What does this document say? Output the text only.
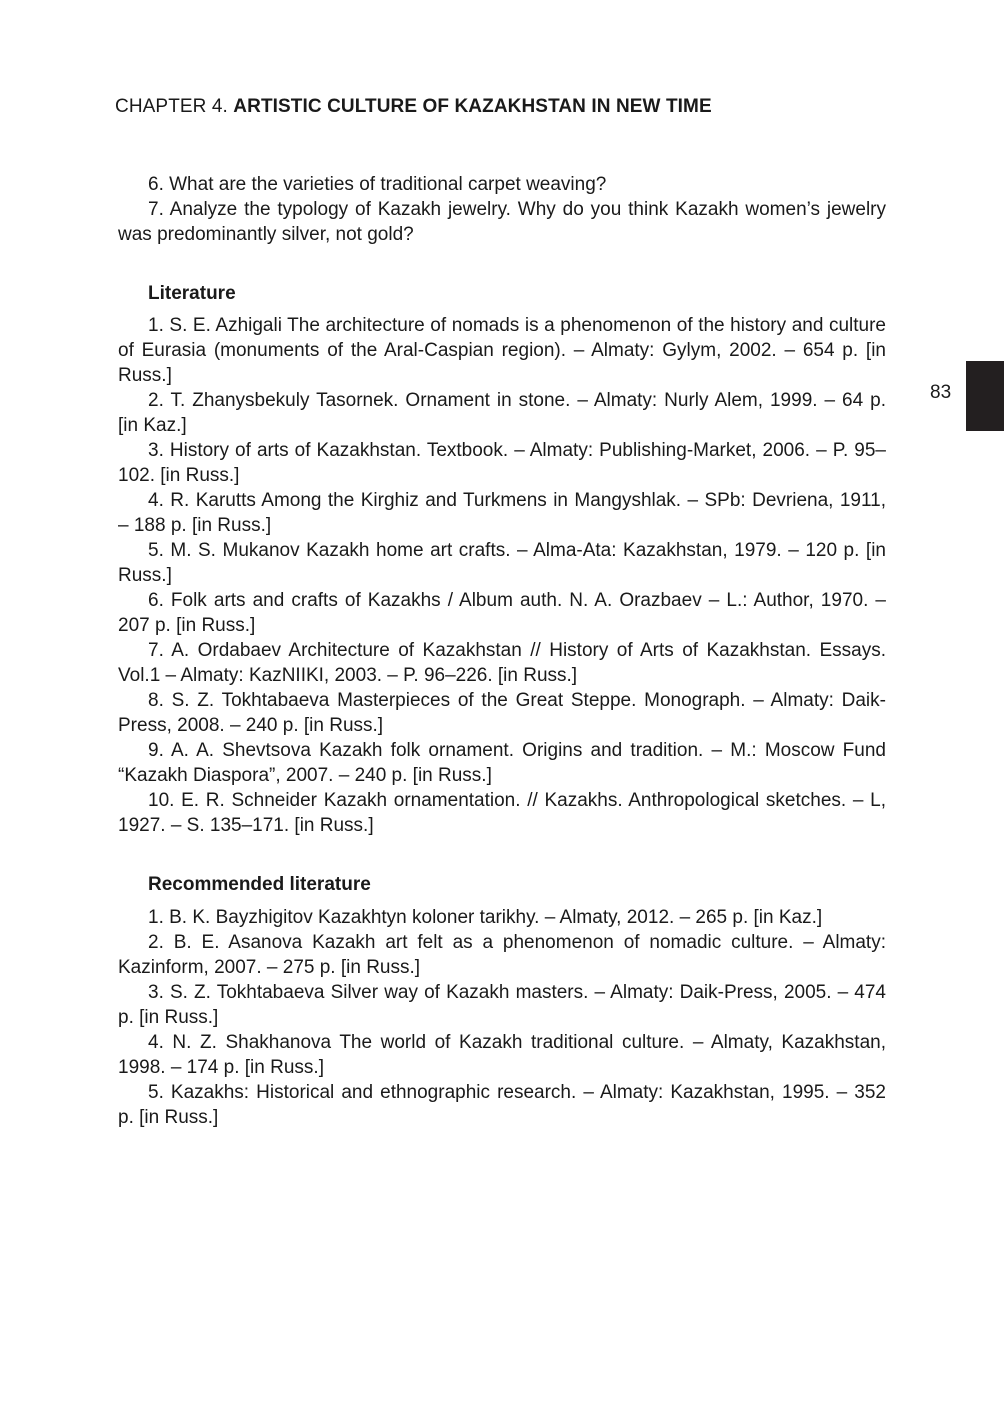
CHAPTER 4. ARTISTIC CULTURE OF KAZAKHSTAN IN NEW TIME
83

6. What are the varieties of traditional carpet weaving?

7. Analyze the typology of Kazakh jewelry. Why do you think Kazakh women’s jewelry was predominantly silver, not gold?

Literature

1. S. E. Azhigali The architecture of nomads is a phenomenon of the history and culture of Eurasia (monuments of the Aral-Caspian region). – Almaty: Gylym, 2002. – 654 p. [in Russ.]

2. T. Zhanysbekuly Tasornek. Ornament in stone. – Almaty: Nurly Alem, 1999. – 64 p. [in Kaz.]

3. History of arts of Kazakhstan. Textbook. – Almaty: Publishing-Market, 2006. – P. 95–102. [in Russ.]

4. R. Karutts Among the Kirghiz and Turkmens in Mangyshlak. – SPb: Devriena, 1911, – 188 p. [in Russ.]

5. M. S. Mukanov Kazakh home art crafts. – Alma-Ata: Kazakhstan, 1979. – 120 p. [in Russ.]

6. Folk arts and crafts of Kazakhs / Album auth. N. A. Orazbaev – L.: Author, 1970. – 207 p. [in Russ.]

7. A. Ordabaev Architecture of Kazakhstan // History of Arts of Kazakhstan. Essays. Vol.1 – Almaty: KazNIIKI, 2003. – P. 96–226. [in Russ.]

8. S. Z. Tokhtabaeva Masterpieces of the Great Steppe. Monograph. – Almaty: Daik-Press, 2008. – 240 p. [in Russ.]

9. A. A. Shevtsova Kazakh folk ornament. Origins and tradition. – M.: Moscow Fund “Kazakh Diaspora”, 2007. – 240 p. [in Russ.]

10. E. R. Schneider Kazakh ornamentation. // Kazakhs. Anthropological sketches. – L, 1927. – S. 135–171. [in Russ.]

Recommended literature

1. B. K. Bayzhigitov Kazakhtyn koloner tarikhy. – Almaty, 2012. – 265 p. [in Kaz.]

2. B. E. Asanova Kazakh art felt as a phenomenon of nomadic culture. – Almaty: Kazinform, 2007. – 275 p. [in Russ.]

3. S. Z. Tokhtabaeva Silver way of Kazakh masters. – Almaty: Daik-Press, 2005. – 474 p. [in Russ.]

4. N. Z. Shakhanova The world of Kazakh traditional culture. – Almaty, Kazakhstan, 1998. – 174 p. [in Russ.]

5. Kazakhs: Historical and ethnographic research. – Almaty: Kazakhstan, 1995. – 352 p. [in Russ.]
